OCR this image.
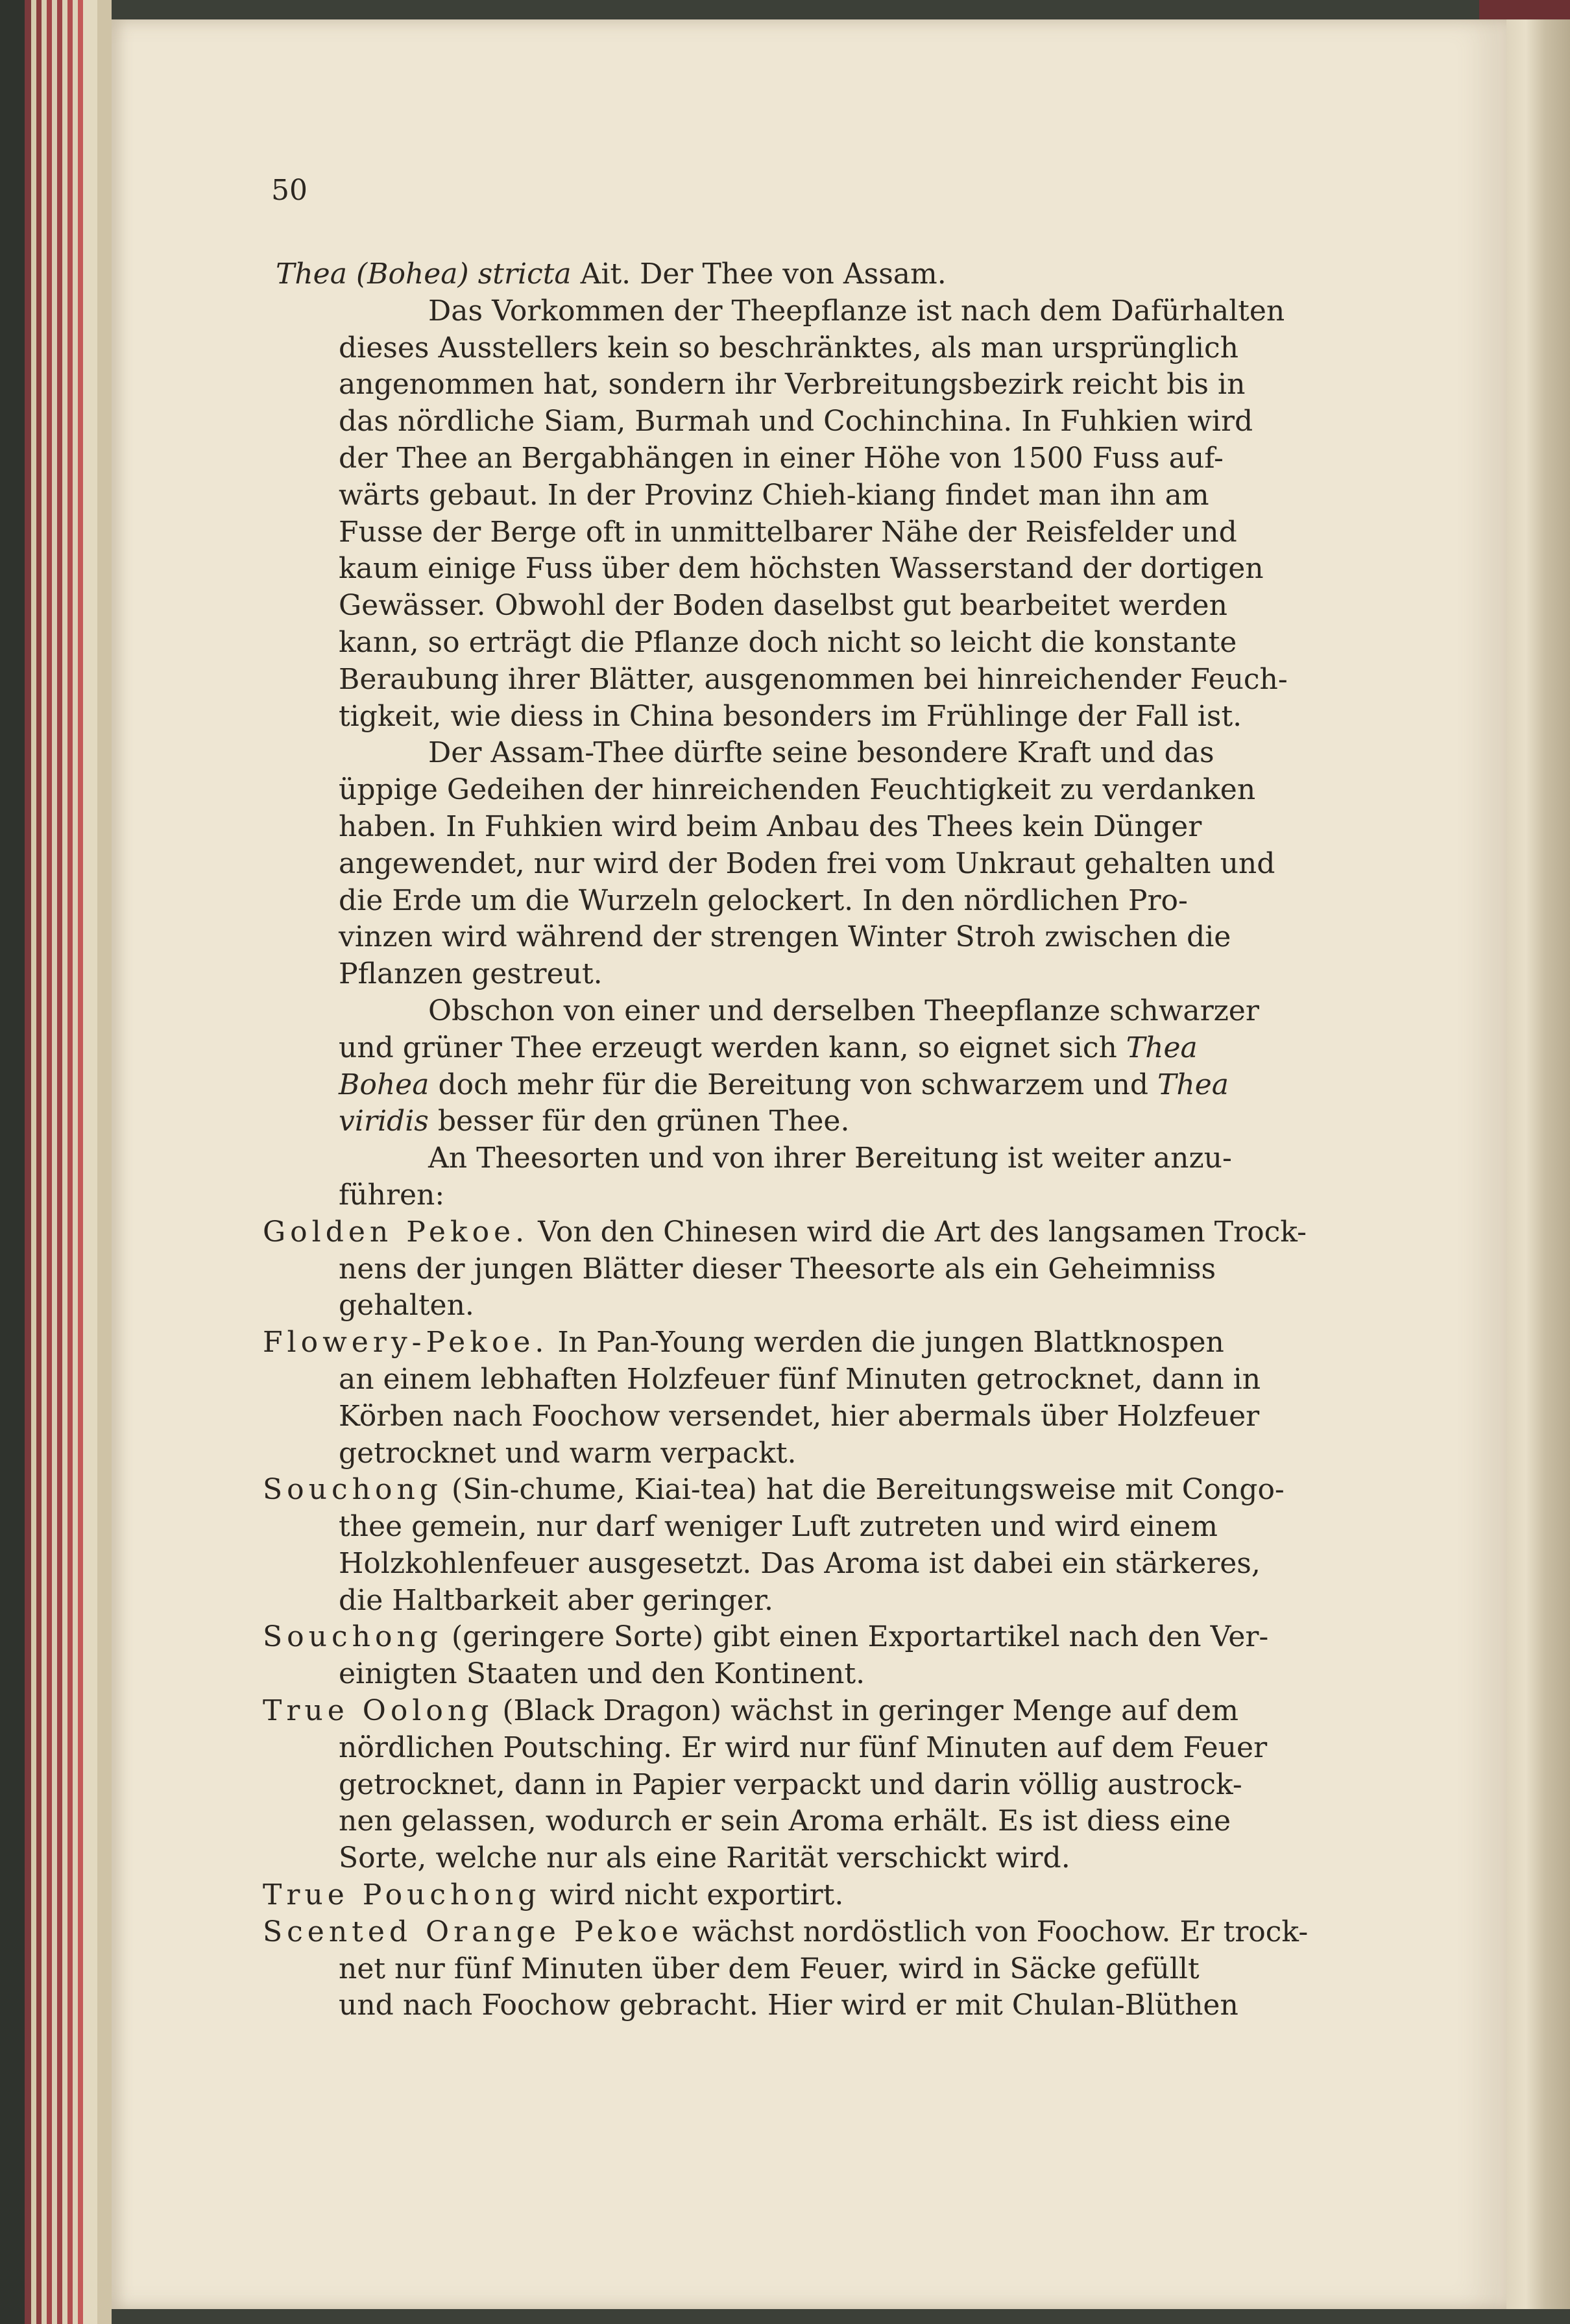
50
Thea (Bohea) stricta Ait. Der Thee von Assam.
Das Vorkommen der Theepflanze ist nach dem Dafürhalten
dieses Ausstellers kein so beschränktes, als man ursprünglich
angenommen hat, sondern ihr Verbreitungsbezirk reicht bis in
das nördliche Siam, Burmah und Cochinchina. In Fuhkien wird
der Thee an Bergabhängen in einer Höhe von 1500 Fuss auf-
wärts gebaut. In der Provinz Chieh-kiang findet man ihn am
Fusse der Berge oft in unmittelbarer Nähe der Reisfelder und
kaum einige Fuss über dem höchsten Wasserstand der dortigen
Gewässer. Obwohl der Boden daselbst gut bearbeitet werden
kann, so erträgt die Pflanze doch nicht so leicht die konstante
Beraubung ihrer Blätter, ausgenommen bei hinreichender Feuch-
tigkeit, wie diess in China besonders im Frühlinge der Fall ist.
Der Assam-Thee dürfte seine besondere Kraft und das
üppige Gedeihen der hinreichenden Feuchtigkeit zu verdanken
haben. In Fuhkien wird beim Anbau des Thees kein Dünger
angewendet, nur wird der Boden frei vom Unkraut gehalten und
die Erde um die Wurzeln gelockert. In den nördlichen Pro-
vinzen wird während der strengen Winter Stroh zwischen die
Pflanzen gestreut.
Obschon von einer und derselben Theepflanze schwarzer
und grüner Thee erzeugt werden kann, so eignet sich Thea
Bohea doch mehr für die Bereitung von schwarzem und Thea
viridis besser für den grünen Thee.
An Theesorten und von ihrer Bereitung ist weiter anzu-
führen:
Golden Pekoe. Von den Chinesen wird die Art des langsamen Trock-
nens der jungen Blätter dieser Theesorte als ein Geheimniss
gehalten.
Flowery-Pekoe. In Pan-Young werden die jungen Blattknospen
an einem lebhaften Holzfeuer fünf Minuten getrocknet, dann in
Körben nach Foochow versendet, hier abermals über Holzfeuer
getrocknet und warm verpackt.
Souchong (Sin-chume, Kiai-tea) hat die Bereitungsweise mit Congo-
thee gemein, nur darf weniger Luft zutreten und wird einem
Holzkohlenfeuer ausgesetzt. Das Aroma ist dabei ein stärkeres,
die Haltbarkeit aber geringer.
Souchong (geringere Sorte) gibt einen Exportartikel nach den Ver-
einigten Staaten und den Kontinent.
True Oolong (Black Dragon) wächst in geringer Menge auf dem
nördlichen Poutsching. Er wird nur fünf Minuten auf dem Feuer
getrocknet, dann in Papier verpackt und darin völlig austrock-
nen gelassen, wodurch er sein Aroma erhält. Es ist diess eine
Sorte, welche nur als eine Rarität verschickt wird.
True Pouchong wird nicht exportirt.
Scented Orange Pekoe wächst nordöstlich von Foochow. Er trock-
net nur fünf Minuten über dem Feuer, wird in Säcke gefüllt
und nach Foochow gebracht. Hier wird er mit Chulan-Blüthen
